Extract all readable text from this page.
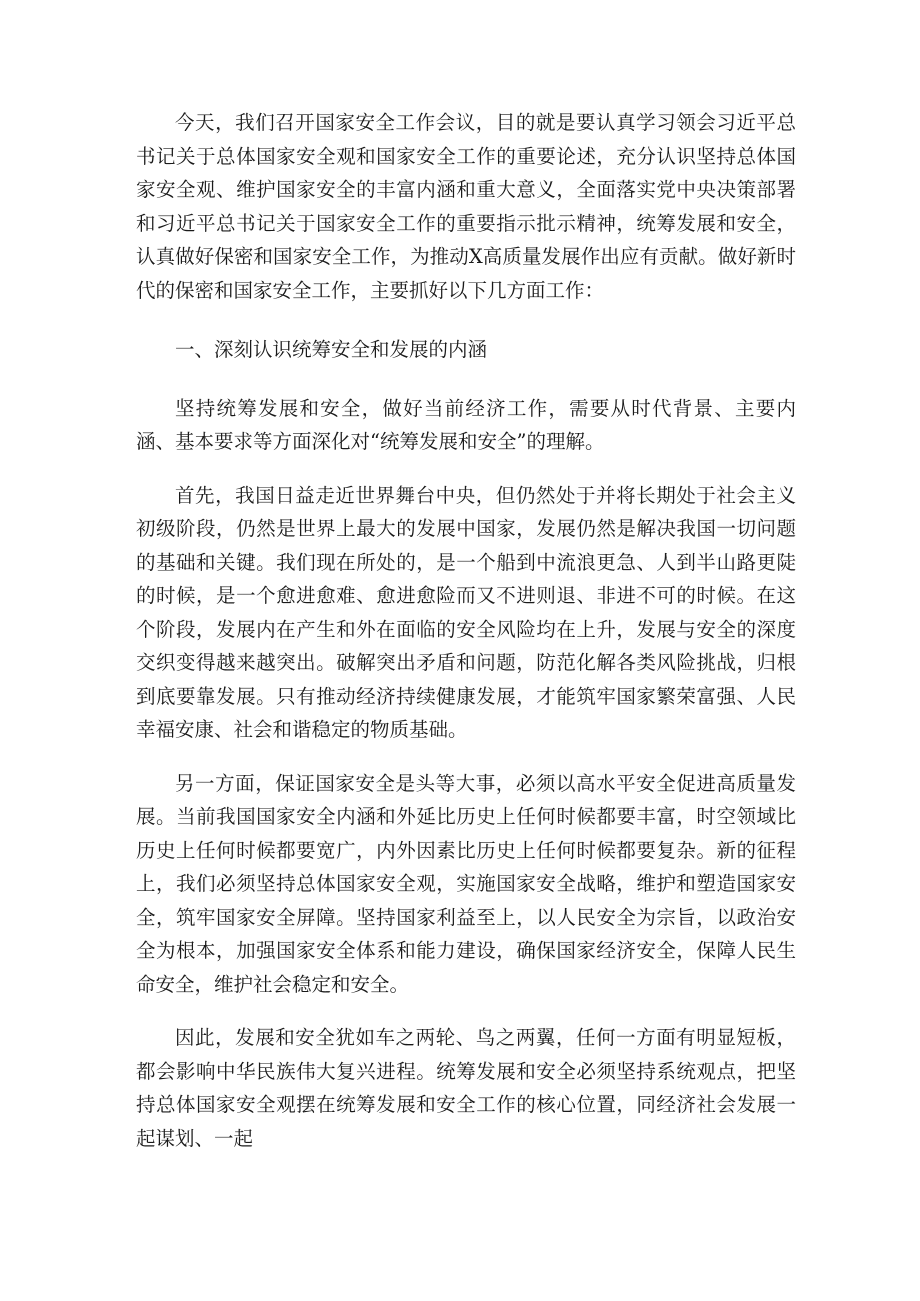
今天，我们召开国家安全工作会议，目的就是要认真学习领会习近平总书记关于总体国家安全观和国家安全工作的重要论述，充分认识坚持总体国家安全观、维护国家安全的丰富内涵和重大意义，全面落实党中央决策部署和习近平总书记关于国家安全工作的重要指示批示精神，统筹发展和安全，认真做好保密和国家安全工作，为推动X高质量发展作出应有贡献。做好新时代的保密和国家安全工作，主要抓好以下几方面工作：

一、深刻认识统筹安全和发展的内涵

坚持统筹发展和安全，做好当前经济工作，需要从时代背景、主要内涵、基本要求等方面深化对“统筹发展和安全”的理解。

首先，我国日益走近世界舞台中央，但仍然处于并将长期处于社会主义初级阶段，仍然是世界上最大的发展中国家，发展仍然是解决我国一切问题的基础和关键。我们现在所处的，是一个船到中流浪更急、人到半山路更陡的时候，是一个愈进愈难、愈进愈险而又不进则退、非进不可的时候。在这个阶段，发展内在产生和外在面临的安全风险均在上升，发展与安全的深度交织变得越来越突出。破解突出矛盾和问题，防范化解各类风险挑战，归根到底要靠发展。只有推动经济持续健康发展，才能筑牢国家繁荣富强、人民幸福安康、社会和谐稳定的物质基础。

另一方面，保证国家安全是头等大事，必须以高水平安全促进高质量发展。当前我国国家安全内涵和外延比历史上任何时候都要丰富，时空领域比历史上任何时候都要宽广，内外因素比历史上任何时候都要复杂。新的征程上，我们必须坚持总体国家安全观，实施国家安全战略，维护和塑造国家安全，筑牢国家安全屏障。坚持国家利益至上，以人民安全为宗旨，以政治安全为根本，加强国家安全体系和能力建设，确保国家经济安全，保障人民生命安全，维护社会稳定和安全。

因此，发展和安全犹如车之两轮、鸟之两翼，任何一方面有明显短板，都会影响中华民族伟大复兴进程。统筹发展和安全必须坚持系统观点，把坚持总体国家安全观摆在统筹发展和安全工作的核心位置，同经济社会发展一起谋划、一起
